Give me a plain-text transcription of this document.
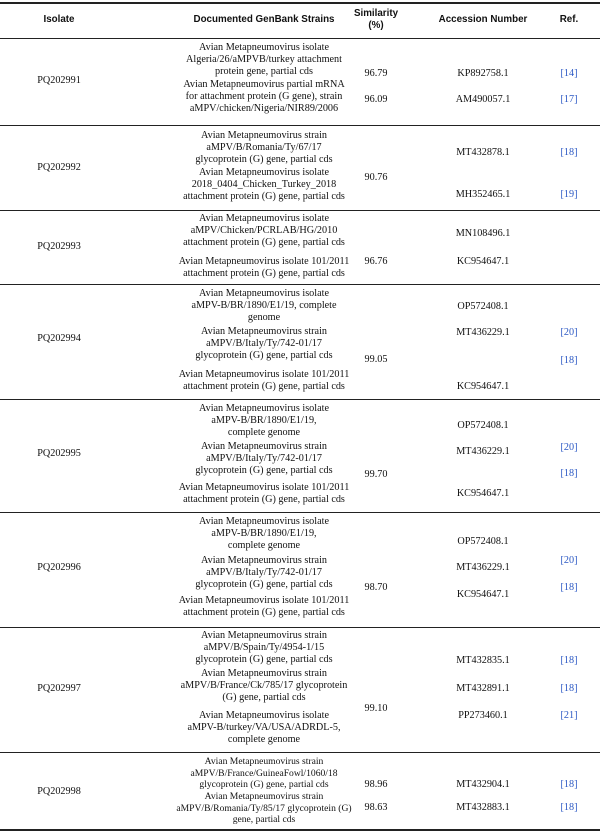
Isolate	Documented GenBank Strains
Similarity
(%)
Accession Number	Ref.
PQ202991
Avian Metapneumovirus isolate
Algeria/26/aMPVB/turkey attachment
protein gene, partial cds
Avian Metapneumovirus partial mRNA
for attachment protein (G gene), strain
aMPV/chicken/Nigeria/NIR89/2006
96.79
96.09
KP892758.1
AM490057.1
[14]
[17]
PQ202992
Avian Metapneumovirus strain
aMPV/B/Romania/Ty/67/17
glycoprotein (G) gene, partial cds
Avian Metapneumovirus isolate
2018_0404_Chicken_Turkey_2018
attachment protein (G) gene, partial cds
90.76
MT432878.1
MH352465.1
[18]
[19]
PQ202993
Avian Metapneumovirus isolate
aMPV/Chicken/PCRLAB/HG/2010
attachment protein (G) gene, partial cds
Avian Metapneumovirus isolate 101/2011
attachment protein (G) gene, partial cds
96.76
MN108496.1
KC954647.1
PQ202994
Avian Metapneumovirus isolate
aMPV-B/BR/1890/E1/19, complete
genome
Avian Metapneumovirus strain
aMPV/B/Italy/Ty/742-01/17
glycoprotein (G) gene, partial cds
Avian Metapneumovirus isolate 101/2011
attachment protein (G) gene, partial cds
99.05
OP572408.1
MT436229.1
KC954647.1
[20]
[18]
PQ202995
Avian Metapneumovirus isolate
aMPV-B/BR/1890/E1/19,
complete genome
Avian Metapneumovirus strain
aMPV/B/Italy/Ty/742-01/17
glycoprotein (G) gene, partial cds
Avian Metapneumovirus isolate 101/2011
attachment protein (G) gene, partial cds
99.70
OP572408.1
MT436229.1
KC954647.1
[20]
[18]
PQ202996
Avian Metapneumovirus isolate
aMPV-B/BR/1890/E1/19,
complete genome
Avian Metapneumovirus strain
aMPV/B/Italy/Ty/742-01/17
glycoprotein (G) gene, partial cds
Avian Metapneumovirus isolate 101/2011
attachment protein (G) gene, partial cds
98.70
OP572408.1
MT436229.1
KC954647.1
[20]
[18]
PQ202997
Avian Metapneumovirus strain
aMPV/B/Spain/Ty/4954-1/15
glycoprotein (G) gene, partial cds
Avian Metapneumovirus strain
aMPV/B/France/Ck/785/17 glycoprotein
(G) gene, partial cds
Avian Metapneumovirus isolate
aMPV-B/turkey/VA/USA/ADRDL-5,
complete genome
99.10
MT432835.1
MT432891.1
PP273460.1
[18]
[18]
[21]
PQ202998
Avian Metapneumovirus strain
aMPV/B/France/GuineaFowl/1060/18
glycoprotein (G) gene, partial cds
Avian Metapneumovirus strain
aMPV/B/Romania/Ty/85/17 glycoprotein (G)
gene, partial cds
98.96
98.63
MT432904.1
MT432883.1
[18]
[18]
